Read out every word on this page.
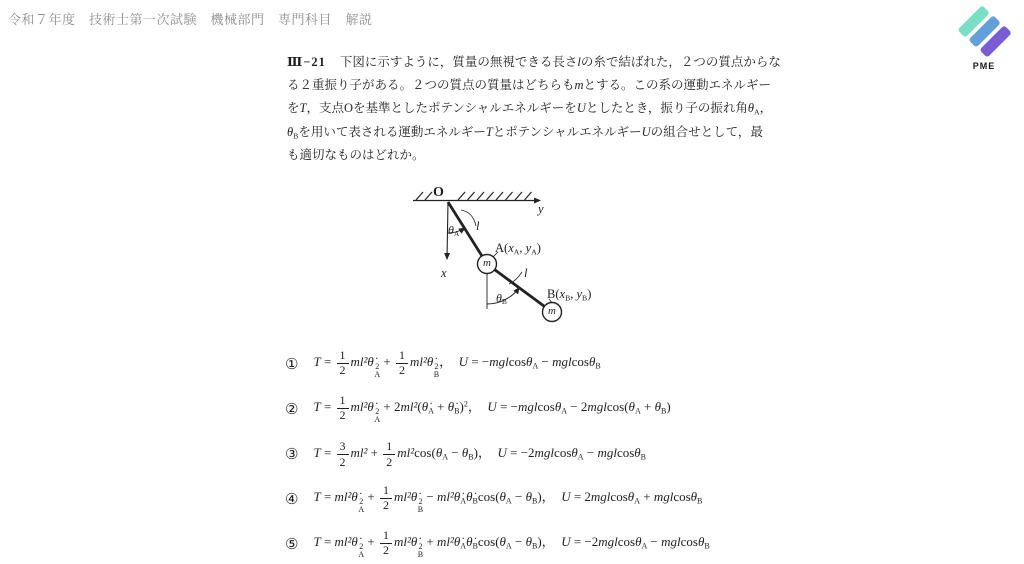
令和７年度　技術士第一次試験　機械部門　専門科目　解説
PME
Ⅲ−21 下図に示すように，質量の無視できる長さlの糸で結ばれた，２つの質点からな
る２重振り子がある。２つの質点の質量はどちらもmとする。この系の運動エネルギー
をT，支点Oを基準としたポテンシャルエネルギーをUとしたとき，振り子の振れ角$\theta_A$，
$\theta_B$を用いて表される運動エネルギーTとポテンシャルエネルギーUの組合せとして，最
も適切なものはどれか。
O
y
x
$\theta_A$
l
$A(x_A$, $y_A$)
m
$\theta_B$
l
$B(x_B$, $y_B$)
m
① $T = \frac{1}{2}$ ml²θ̇ 2
A
+ $\frac{1}{2}$ ml²θ̇ 2
B
，  U = −mglcosθ$_A$ − mglcosθ$_B$
② $T = \frac{1}{2}$ ml²θ̇ 2
A
+ $2ml^2(\thetȧ_A$ + $\thetȧ_B)^2$，  $U = -mglcos\theta_A - 2mglcos(\theta_A + \theta_B)$
③ $T = \frac{3}{2} ml^2 + \frac{1}{2} ml^2\cos(\theta_A - \theta_B)$，  U = −2mglcosθ$_A$ − mglcosθ$_B$
④ T = ml²θ̇ 2
A
+ $\frac{1}{2}$ ml²θ̇ 2
B
− $ml^2\thetȧ_A\thetȧ_B\cos(\theta_A - \theta_B)$，  U = 2mglcosθ$_A$ + mglcosθ$_B$
⑤ T = ml²θ̇ 2
A
+ $\frac{1}{2}$ ml²θ̇ 2
B
+ $ml^2\thetȧ_A\thetȧ_B\cos(\theta_A - \theta_B)$，  U = −2mglcosθ$_A$ − mglcosθ$_B$
